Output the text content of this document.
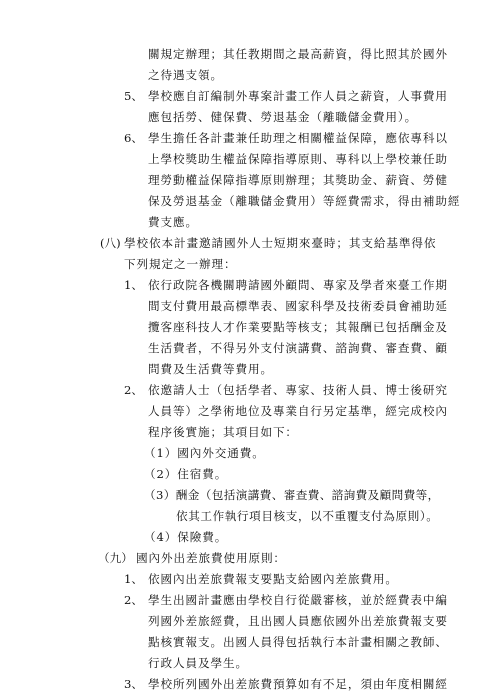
關規定辦理；其任教期間之最高薪資，得比照其於國外
之待遇支領。
5、 學校應自訂編制外專案計畫工作人員之薪資，人事費用
應包括勞、健保費、勞退基金（離職儲金費用）。
6、 學生擔任各計畫兼任助理之相關權益保障，應依專科以
上學校獎助生權益保障指導原則、專科以上學校兼任助
理勞動權益保障指導原則辦理；其獎助金、薪資、勞健
保及勞退基金（離職儲金費用）等經費需求，得由補助經
費支應。
(八) 學校依本計畫邀請國外人士短期來臺時；其支給基準得依
下列規定之一辦理：
1、 依行政院各機關聘請國外顧問、專家及學者來臺工作期
間支付費用最高標準表、國家科學及技術委員會補助延
攬客座科技人才作業要點等核支；其報酬已包括酬金及
生活費者，不得另外支付演講費、諮詢費、審查費、顧
問費及生活費等費用。
2、 依邀請人士（包括學者、專家、技術人員、博士後研究
人員等）之學術地位及專業自行另定基準，經完成校內
程序後實施；其項目如下：
（1）國內外交通費。
（2）住宿費。
（3）酬金（包括演講費、審查費、諮詢費及顧問費等，
依其工作執行項目核支，以不重覆支付為原則）。
（4）保險費。
（九） 國內外出差旅費使用原則：
1、 依國內出差旅費報支要點支給國內差旅費用。
2、 學生出國計畫應由學校自行從嚴審核，並於經費表中編
列國外差旅經費，且出國人員應依國外出差旅費報支要
點核實報支。出國人員得包括執行本計畫相關之教師、
行政人員及學生。
3、 學校所列國外出差旅費預算如有不足，須由年度相關經
